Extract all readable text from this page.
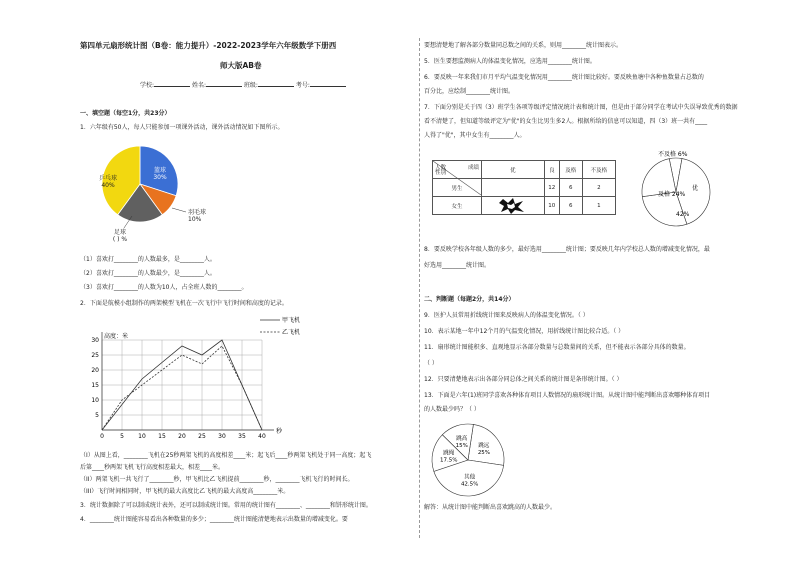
第四单元扇形统计图（B卷：能力提升）-2022-2023学年六年级数学下册西
师大版AB卷
学校:	姓名:	班级:	考号:
一、填空题（每空1分，共23分）
1．六年级有50人，每人只能参加一项课外活动，课外活动情况如下图所示。
篮球
30%
乒乓球
40%
羽毛球
10%
足球
( ) %
（1）喜欢打________的人数最多，是________人。
（2）喜欢打________的人数最少，是________人。
（3）喜欢打________的人数为10人，占全班人数的________。
2．下面是航模小组制作的两架模型飞机在一次飞行中飞行时间和高度的记录。
0	5 10 15 20 25 30 35 40
5
10
15
20
25
30
高度：米
秒
甲飞机
乙飞机
（I）从图上看，________飞机在25秒两架飞机的高度相差____米；起飞后____秒两架飞机处于同一高度；起飞
后第____秒两架飞机飞行高度相差最大，相差____米。
（II）两架飞机一共飞行了________秒，甲飞机比乙飞机提前________秒，________飞机飞行的时间长。
（III）飞行时间相同时，甲飞机的最大高度比乙飞机的最大高度高________米。
3．统计数据除了可以制成统计表外，还可以制成统计图。常用的统计图有________、________和饼形统计图。
4．________统计图能容易看出各种数量的多少；________统计图能清楚地表示出数量的增减变化。要
要想清楚地了解各部分数量同总数之间的关系，则用________统计图表示。
5．医生要想监测病人的体温变化情况，应选用________统计图。
6．要反映一年来我们市月平均气温变化情况用________统计图比较好。要反映鱼塘中各种鱼数量占总数的
百分比，应绘制________统计图。
7．下面分别是关于四（3）班学生各项等级评定情况统计表和统计图，但是由于部分同学在考试中失误导致优秀的数据
看不清楚了，但知道等级评定为"优"的女生比男生多2人。根据所给的信息可以知道，四（3）班一共有____
人得了"优"，其中女生有________人。
人数 成绩
性别	优	良	及格	不及格
男生		12	6	2
女生		10	6	1
不及格 6%
及格 24%
优
42%
8．要反映学校各年级人数的多少，最好选用________统计图；要反映几年内学校总人数的增减变化情况，最
好选用________统计图。
二、判断题（每题2分，共14分）
9．医护人员常用折线统计图来反映病人的体温变化情况。（ ）
10．表示某地一年中12个月的气温变化情况，用折线统计图比较合适。（ ）
11．扇形统计图能积多、直观地显示各部分数量与总数量间的关系，但不能表示各部分具体的数量。
（ ）
12．只要清楚地表示出各部分同总体之间关系的统计图是条形统计图。（ ）
13．下面是六年(1)班同学喜欢各种体育项目人数情况的扇形统计图。从统计图中能判断出喜欢哪种体育项目
的人数最少吗？（ ）
跳远
25%
其他
42.5%
跳绳
17.5%
跳高
15%
解答：从统计图中能判断出喜欢跳高的人数最少。
